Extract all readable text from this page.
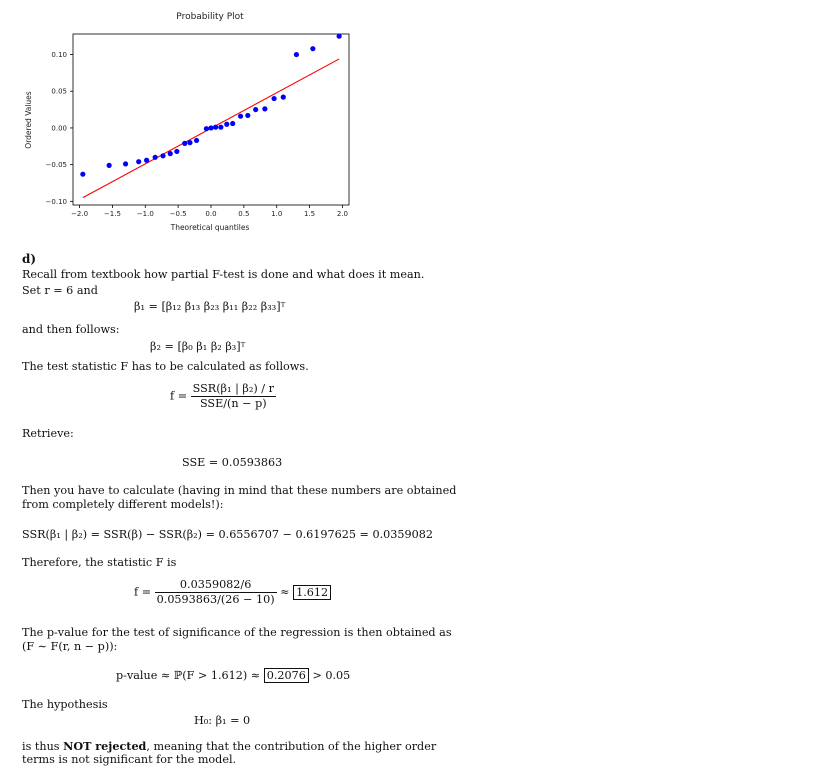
Probability Plot
−2.0 −1.5 −1.0 −0.5	0.0	0.5	1.0	1.5	2.0
−0.10
−0.05
0.00
0.05
0.10
Theoretical quantiles
Ordered Values
d)
Recall from textbook how partial F-test is done and what does it mean.
Set r = 6 and
β₁ = [β₁₂ β₁₃ β₂₃ β₁₁ β₂₂ β₃₃]ᵀ
and then follows:
β₂ = [β₀ β₁ β₂ β₃]ᵀ
The test statistic F has to be calculated as follows.
$f = \frac{\text{SSR(β₁ | β₂) / r}}{\text{SSE/(n − p)}}$
Retrieve:
SSE = 0.0593863
Then you have to calculate (having in mind that these numbers are obtained
from completely different models!):
SSR(β₁ | β₂) = SSR(β) − SSR(β₂) = 0.6556707 − 0.6197625 = 0.0359082
Therefore, the statistic F is
$f = \frac{0.0359082/6}{0.0593863/(26 - 10)} \approx 1.612$
The p-value for the test of significance of the regression is then obtained as
(F ∼ F(r, n − p)):
p-value ≈ ℙ(F > 1.612) ≈ 0.2076 > 0.05
The hypothesis
H₀: β₁ = 0
is thus NOT rejected, meaning that the contribution of the higher order
terms is not significant for the model.
